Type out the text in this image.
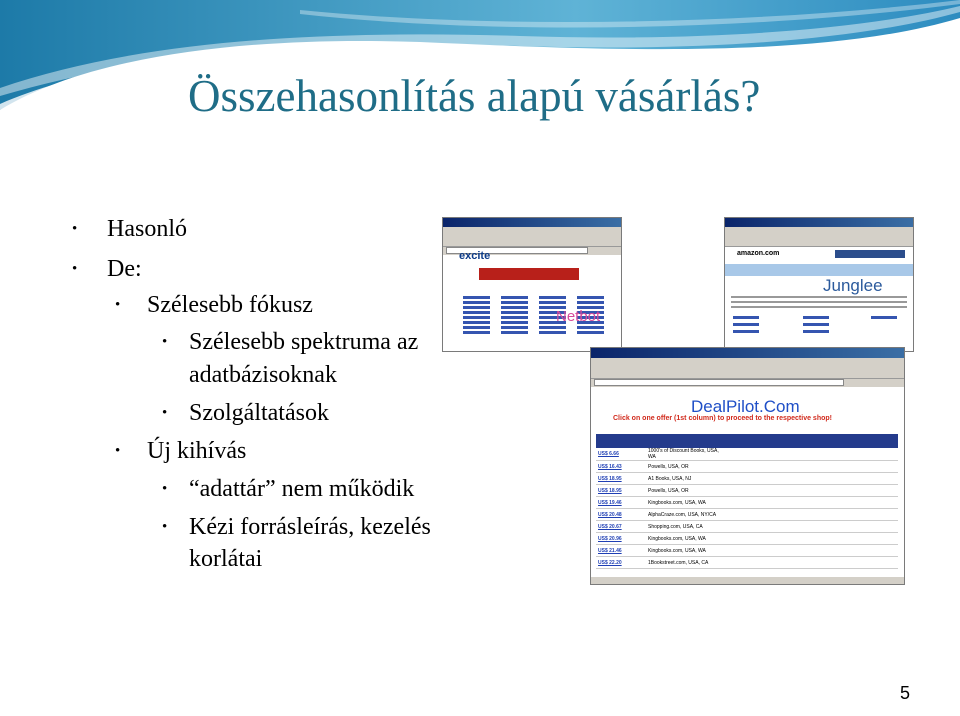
Összehasonlítás alapú vásárlás?
• Hasonló
• De:
• Szélesebb fókusz
• Szélesebb spektruma az
adatbázisoknak
• Szolgáltatások
• Új kihívás
• “adattár” nem működik
• Kézi forrásleírás, kezelés
korlátai
excite
Netbot
amazon.com
Junglee
DealPilot.Com
Click on one offer (1st column) to proceed to the respective shop!

US$ 6.66	1000's of Discount Books, USA, WA						
US$ 16.43	Powells, USA, OR						
US$ 18.95	A1 Books, USA, NJ						
US$ 18.95	Powells, USA, OR						
US$ 19.46	Kingbooks.com, USA, WA						
US$ 20.48	AlphaCraze.com, USA, NY/CA						
US$ 20.67	Shopping.com, USA, CA						
US$ 20.96	Kingbooks.com, USA, WA						
US$ 21.46	Kingbooks.com, USA, WA						
US$ 22.20	1Bookstreet.com, USA, CA						
5
